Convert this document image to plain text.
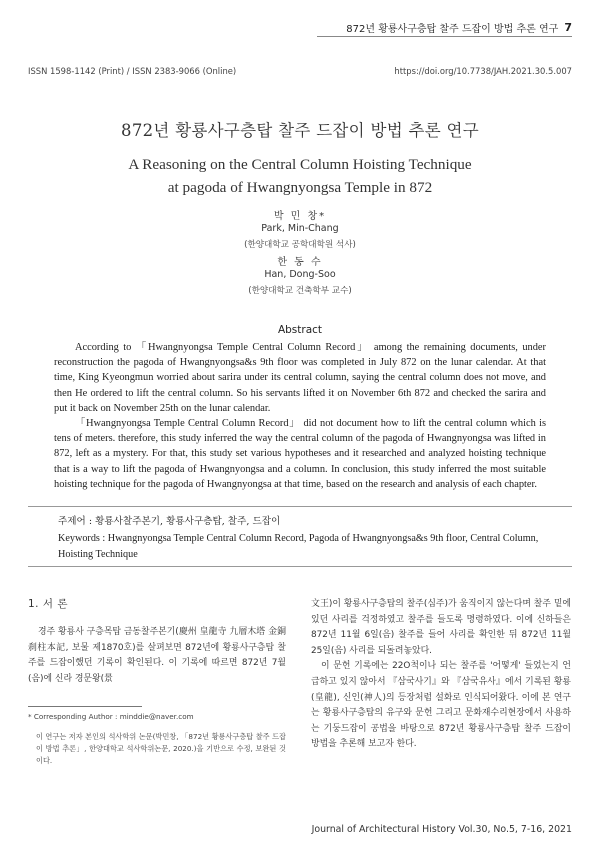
872년 황룡사구층탑 찰주 드잡이 방법 추론 연구 7
ISSN 1598-1142 (Print) / ISSN 2383-9066 (Online)	https://doi.org/10.7738/JAH.2021.30.5.007
872년 황룡사구층탑 찰주 드잡이 방법 추론 연구
A Reasoning on the Central Column Hoisting Technique
at pagoda of Hwangnyongsa Temple in 872
박 민 창*
Park, Min-Chang
(한양대학교 공학대학원 석사)
한 동 수
Han, Dong-Soo
(한양대학교 건축학부 교수)
Abstract

According to 「Hwangnyongsa Temple Central Column Record」 among the remaining documents, under reconstruction the pagoda of Hwangnyongsa&s 9th floor was completed in July 872 on the lunar calendar. At that time, King Kyeongmun worried about sarira under its central column, saying the central column does not move, and then He ordered to lift the central column. So his servants lifted it on November 6th 872 and checked the sarira and put it back on November 25th on the lunar calendar.

「Hwangnyongsa Temple Central Column Record」 did not document how to lift the central column which is tens of meters. therefore, this study inferred the way the central column of the pagoda of Hwangnyongsa was lifted in 872, left as a mystery. For that, this study set various hypotheses and it researched and analyzed hoisting technique that is a way to lift the pagoda of Hwangnyongsa and a column. In conclusion, this study inferred the most suitable hoisting technique for the pagoda of Hwangnyongsa at that time, based on the research and analysis of each chapter.

주제어 : 황룡사찰주본기, 황룡사구층탑, 찰주, 드잡이
Keywords : Hwangnyongsa Temple Central Column Record, Pagoda of Hwangnyongsa&s 9th floor, Central Column, Hoisting Technique
1. 서 론

경주 황룡사 구층목탑 금동찰주본기(慶州 皇龍寺 九層木塔 金銅刹柱本記, 보물 제1870호)를 살펴보면 872년에 황룡사구층탑 찰주를 드잡이했던 기록이 확인된다. 이 기록에 따르면 872년 7월(음)에 신라 경문왕(景

文王)이 황룡사구층탑의 찰주(심주)가 움직이지 않는다며 찰주 밑에 있던 사리를 걱정하였고 찰주를 들도록 명령하였다. 이에 신하들은 872년 11월 6일(음) 찰주를 들어 사리를 확인한 뒤 872년 11월 25일(음) 사리를 되돌려놓았다.

이 문헌 기록에는 22O척이나 되는 찰주를 '어떻게' 들었는지 언급하고 있지 않아서 『삼국사기』와 『삼국유사』에서 기록된 황룡(皇龍), 신인(神人)의 등장처럼 설화로 인식되어왔다. 이에 본 연구는 황룡사구층탑의 유구와 문헌 그리고 문화재수리현장에서 사용하는 기둥드잡이 공법을 바탕으로 872년 황룡사구층탑 찰주 드잡이 방법을 추론해 보고자 한다.

* Corresponding Author : minddie@naver.com
이 연구는 저자 본인의 석사학위 논문(박민창, 「872년 황룡사구층탑 찰주 드잡이 방법 추론」, 한양대학교 석사학위논문, 2020.)을 기반으로 수정, 보완된 것이다.
Journal of Architectural History Vol.30, No.5, 7-16, 2021
